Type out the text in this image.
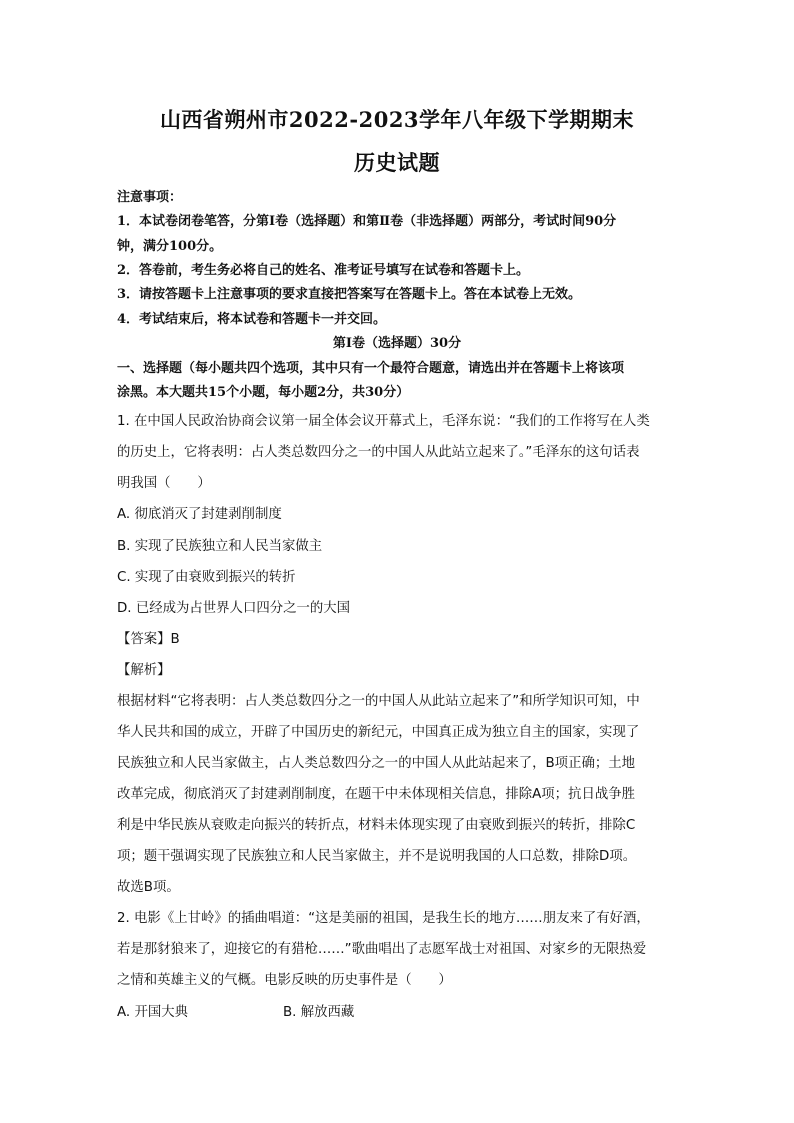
山西省朔州市2022-2023学年八年级下学期期末
历史试题
注意事项：
1．本试卷闭卷笔答，分第Ⅰ卷（选择题）和第Ⅱ卷（非选择题）两部分，考试时间90分
钟，满分100分。
2．答卷前，考生务必将自己的姓名、准考证号填写在试卷和答题卡上。
3．请按答题卡上注意事项的要求直接把答案写在答题卡上。答在本试卷上无效。
4．考试结束后，将本试卷和答题卡一并交回。
第Ⅰ卷（选择题）30分
一、选择题（每小题共四个选项，其中只有一个最符合题意，请选出并在答题卡上将该项
涂黑。本大题共15个小题，每小题2分，共30分）
1. 在中国人民政治协商会议第一届全体会议开幕式上，毛泽东说：“我们的工作将写在人类
的历史上，它将表明：占人类总数四分之一的中国人从此站立起来了。”毛泽东的这句话表
明我国（　　）
A. 彻底消灭了封建剥削制度
B. 实现了民族独立和人民当家做主
C. 实现了由衰败到振兴的转折
D. 已经成为占世界人口四分之一的大国
【答案】B
【解析】
根据材料“它将表明：占人类总数四分之一的中国人从此站立起来了”和所学知识可知，中
华人民共和国的成立，开辟了中国历史的新纪元，中国真正成为独立自主的国家，实现了
民族独立和人民当家做主，占人类总数四分之一的中国人从此站起来了，B项正确；土地
改革完成，彻底消灭了封建剥削制度，在题干中未体现相关信息，排除A项；抗日战争胜
利是中华民族从衰败走向振兴的转折点，材料未体现实现了由衰败到振兴的转折，排除C
项；题干强调实现了民族独立和人民当家做主，并不是说明我国的人口总数，排除D项。
故选B项。
2. 电影《上甘岭》的插曲唱道：“这是美丽的祖国，是我生长的地方……朋友来了有好酒，
若是那豺狼来了，迎接它的有猎枪……”歌曲唱出了志愿军战士对祖国、对家乡的无限热爱
之情和英雄主义的气概。电影反映的历史事件是（　　）
A. 开国大典	B. 解放西藏
